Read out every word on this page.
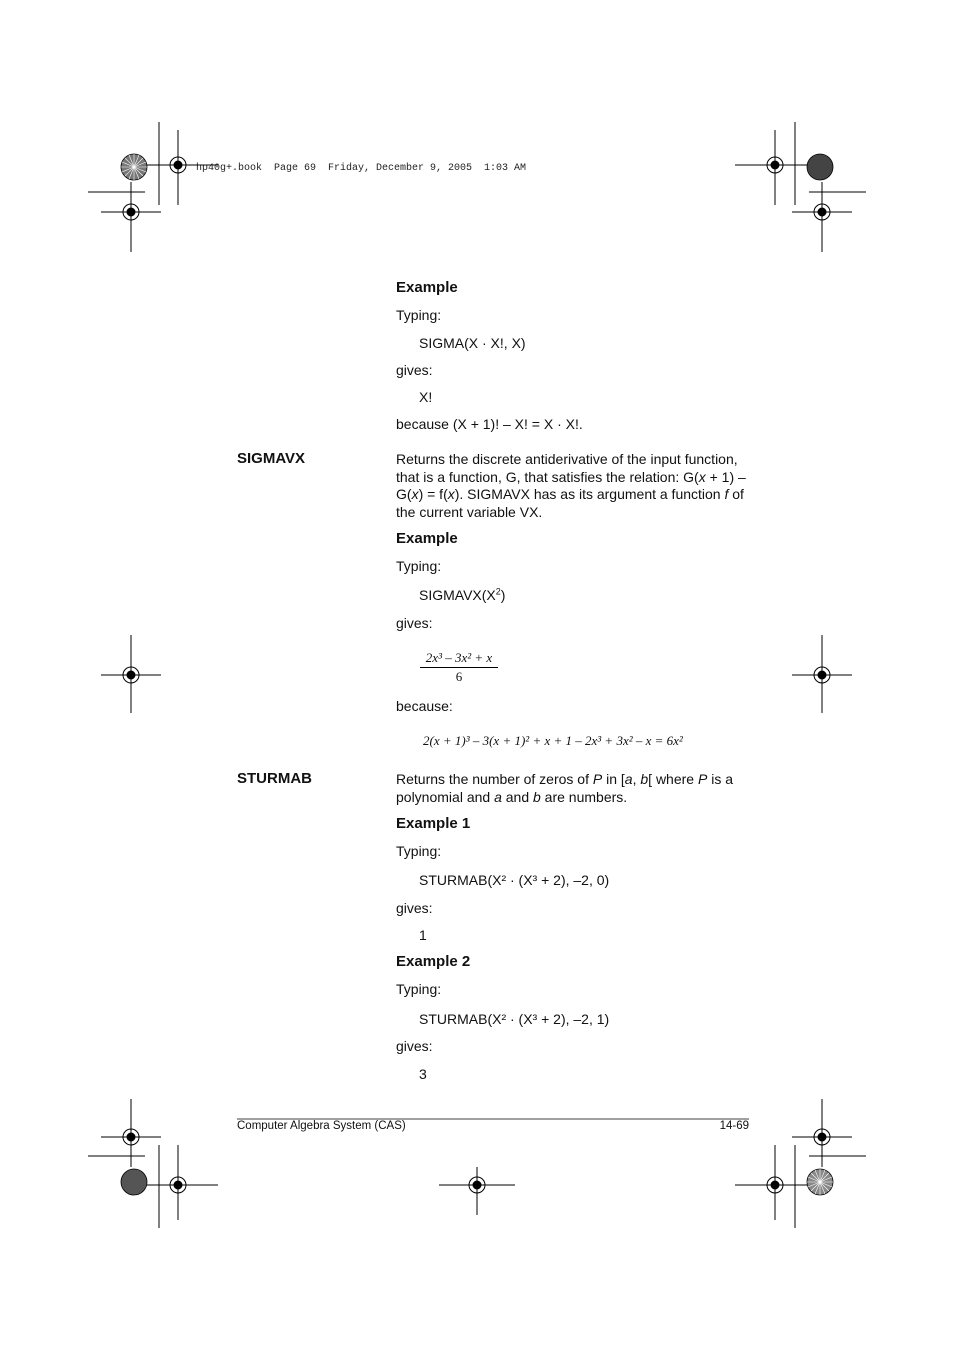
hp40g+.book  Page 69  Friday, December 9, 2005  1:03 AM
Example
Typing:
SIGMA(X · X!, X)
gives:
X!
because (X + 1)! – X! = X · X!.
SIGMAVX	Returns the discrete antiderivative of the input function,
that is a function, G, that satisfies the relation: G(x + 1) –
G(x) = f(x). SIGMAVX has as its argument a function f of
the current variable VX.
Example
Typing:
$SIGMAVX(X^2)$
gives:
$\frac{\text{2x³ – 3x² + x}}{6}$
because:
2(x + 1)³ – 3(x + 1)² + x + 1 – 2x³ + 3x² – x = 6x²
STURMAB	Returns the number of zeros of P in [a, b[ where P is a
polynomial and a and b are numbers.
Example 1
Typing:
STURMAB(X² · (X³ + 2), –2, 0)
gives:
1
Example 2
Typing:
STURMAB(X² · (X³ + 2), –2, 1)
gives:
3
Computer Algebra System (CAS)	14-69
